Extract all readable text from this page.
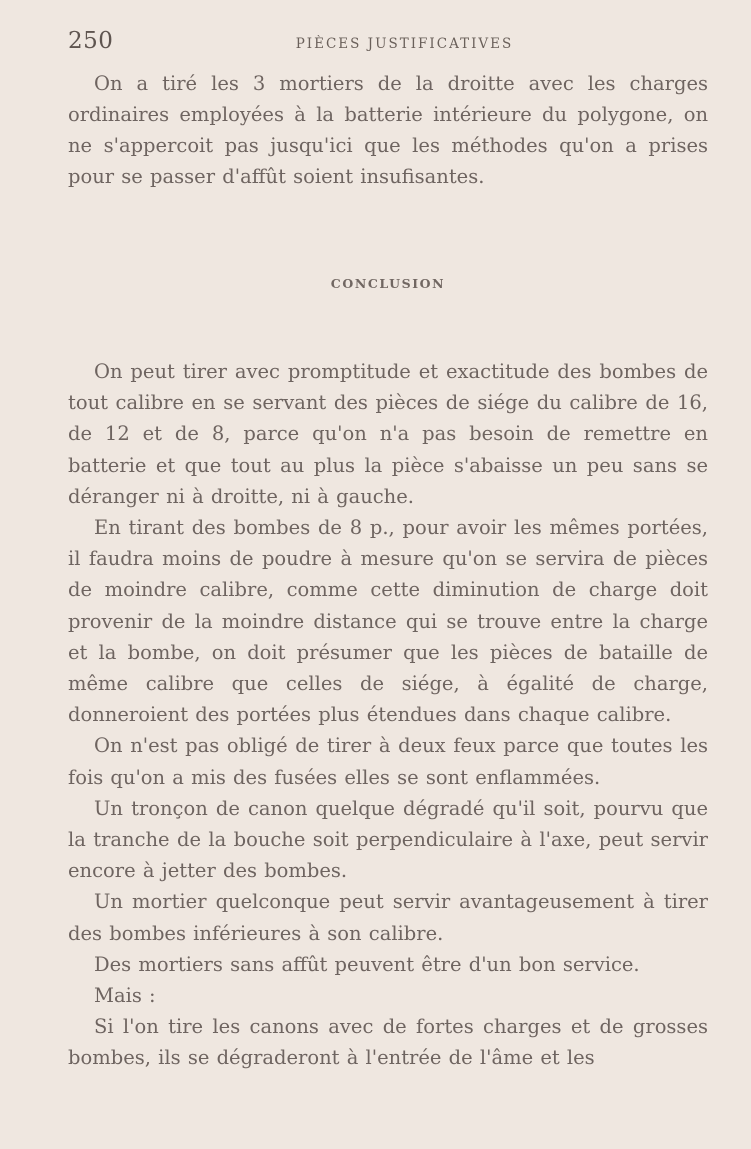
250	PIÈCES JUSTIFICATIVES

On a tiré les 3 mortiers de la droitte avec les charges ordinaires employées à la batterie intérieure du polygone, on ne s'appercoit pas jusqu'ici que les méthodes qu'on a prises pour se passer d'affût soient insufisantes.

CONCLUSION

On peut tirer avec promptitude et exactitude des bombes de tout calibre en se servant des pièces de siége du calibre de 16, de 12 et de 8, parce qu'on n'a pas besoin de remettre en batterie et que tout au plus la pièce s'abaisse un peu sans se déranger ni à droitte, ni à gauche.

En tirant des bombes de 8 p., pour avoir les mêmes portées, il faudra moins de poudre à mesure qu'on se servira de pièces de moindre calibre, comme cette diminution de charge doit provenir de la moindre distance qui se trouve entre la charge et la bombe, on doit présumer que les pièces de bataille de même calibre que celles de siége, à égalité de charge, donneroient des portées plus étendues dans chaque calibre.

On n'est pas obligé de tirer à deux feux parce que toutes les fois qu'on a mis des fusées elles se sont enflammées.

Un tronçon de canon quelque dégradé qu'il soit, pourvu que la tranche de la bouche soit perpendiculaire à l'axe, peut servir encore à jetter des bombes.

Un mortier quelconque peut servir avantageusement à tirer des bombes inférieures à son calibre.

Des mortiers sans affût peuvent être d'un bon service.

Mais :

Si l'on tire les canons avec de fortes charges et de grosses bombes, ils se dégraderont à l'entrée de l'âme et les
